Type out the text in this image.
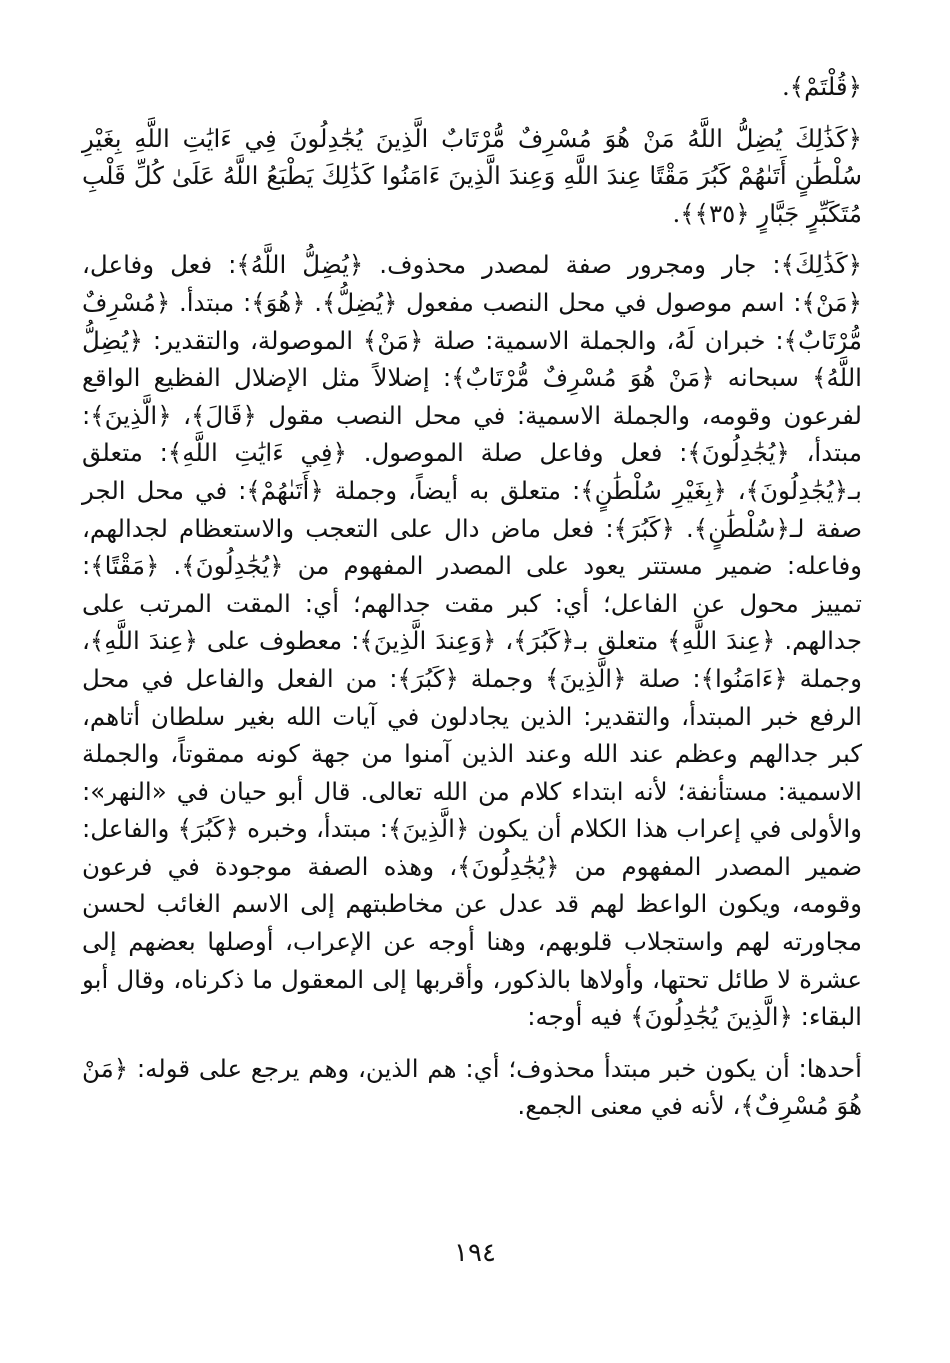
﴿قُلْتَمْ﴾.

﴿كَذَٰلِكَ يُضِلُّ اللَّهُ مَنْ هُوَ مُسْرِفٌ مُّرْتَابٌ الَّذِينَ يُجَٰدِلُونَ فِي ءَايَٰتِ اللَّهِ بِغَيْرِ سُلْطَٰنٍ أَتَىٰهُمْ كَبُرَ مَقْتًا عِندَ اللَّهِ وَعِندَ الَّذِينَ ءَامَنُوا كَذَٰلِكَ يَطْبَعُ اللَّهُ عَلَىٰ كُلِّ قَلْبِ مُتَكَبِّرٍ جَبَّارٍ ﴿٣٥﴾﴾.

﴿كَذَٰلِكَ﴾: جار ومجرور صفة لمصدر محذوف. ﴿يُضِلُّ اللَّهُ﴾: فعل وفاعل، ﴿مَنْ﴾: اسم موصول في محل النصب مفعول ﴿يُضِلُّ﴾. ﴿هُوَ﴾: مبتدأ. ﴿مُسْرِفٌ مُّرْتَابٌ﴾: خبران لَهُ، والجملة الاسمية: صلة ﴿مَنْ﴾ الموصولة، والتقدير: ﴿يُضِلُّ اللَّهُ﴾ سبحانه ﴿مَنْ هُوَ مُسْرِفٌ مُّرْتَابٌ﴾: إضلالاً مثل الإضلال الفظيع الواقع لفرعون وقومه، والجملة الاسمية: في محل النصب مقول ﴿قَالَ﴾، ﴿الَّذِينَ﴾: مبتدأ، ﴿يُجَٰدِلُونَ﴾: فعل وفاعل صلة الموصول. ﴿فِي ءَايَٰتِ اللَّهِ﴾: متعلق بـ﴿يُجَٰدِلُونَ﴾، ﴿بِغَيْرِ سُلْطَٰنٍ﴾: متعلق به أيضاً، وجملة ﴿أَتَىٰهُمْ﴾: في محل الجر صفة لـ﴿سُلْطَٰنٍ﴾. ﴿كَبُرَ﴾: فعل ماض دال على التعجب والاستعظام لجدالهم، وفاعله: ضمير مستتر يعود على المصدر المفهوم من ﴿يُجَٰدِلُونَ﴾. ﴿مَقْتًا﴾: تمييز محول عن الفاعل؛ أي: كبر مقت جدالهم؛ أي: المقت المرتب على جدالهم. ﴿عِندَ اللَّهِ﴾ متعلق بـ﴿كَبُرَ﴾، ﴿وَعِندَ الَّذِينَ﴾: معطوف على ﴿عِندَ اللَّهِ﴾، وجملة ﴿ءَامَنُوا﴾: صلة ﴿الَّذِينَ﴾ وجملة ﴿كَبُرَ﴾: من الفعل والفاعل في محل الرفع خبر المبتدأ، والتقدير: الذين يجادلون في آيات الله بغير سلطان أتاهم، كبر جدالهم وعظم عند الله وعند الذين آمنوا من جهة كونه ممقوتاً، والجملة الاسمية: مستأنفة؛ لأنه ابتداء كلام من الله تعالى. قال أبو حيان في «النهر»: والأولى في إعراب هذا الكلام أن يكون ﴿الَّذِينَ﴾: مبتدأ، وخبره ﴿كَبُرَ﴾ والفاعل: ضمير المصدر المفهوم من ﴿يُجَٰدِلُونَ﴾، وهذه الصفة موجودة في فرعون وقومه، ويكون الواعظ لهم قد عدل عن مخاطبتهم إلى الاسم الغائب لحسن مجاورته لهم واستجلاب قلوبهم، وهنا أوجه عن الإعراب، أوصلها بعضهم إلى عشرة لا طائل تحتها، وأولاها بالذكور، وأقربها إلى المعقول ما ذكرناه، وقال أبو البقاء: ﴿الَّذِينَ يُجَٰدِلُونَ﴾ فيه أوجه:

أحدها: أن يكون خبر مبتدأ محذوف؛ أي: هم الذين، وهم يرجع على قوله: ﴿مَنْ هُوَ مُسْرِفٌ﴾، لأنه في معنى الجمع.

١٩٤
